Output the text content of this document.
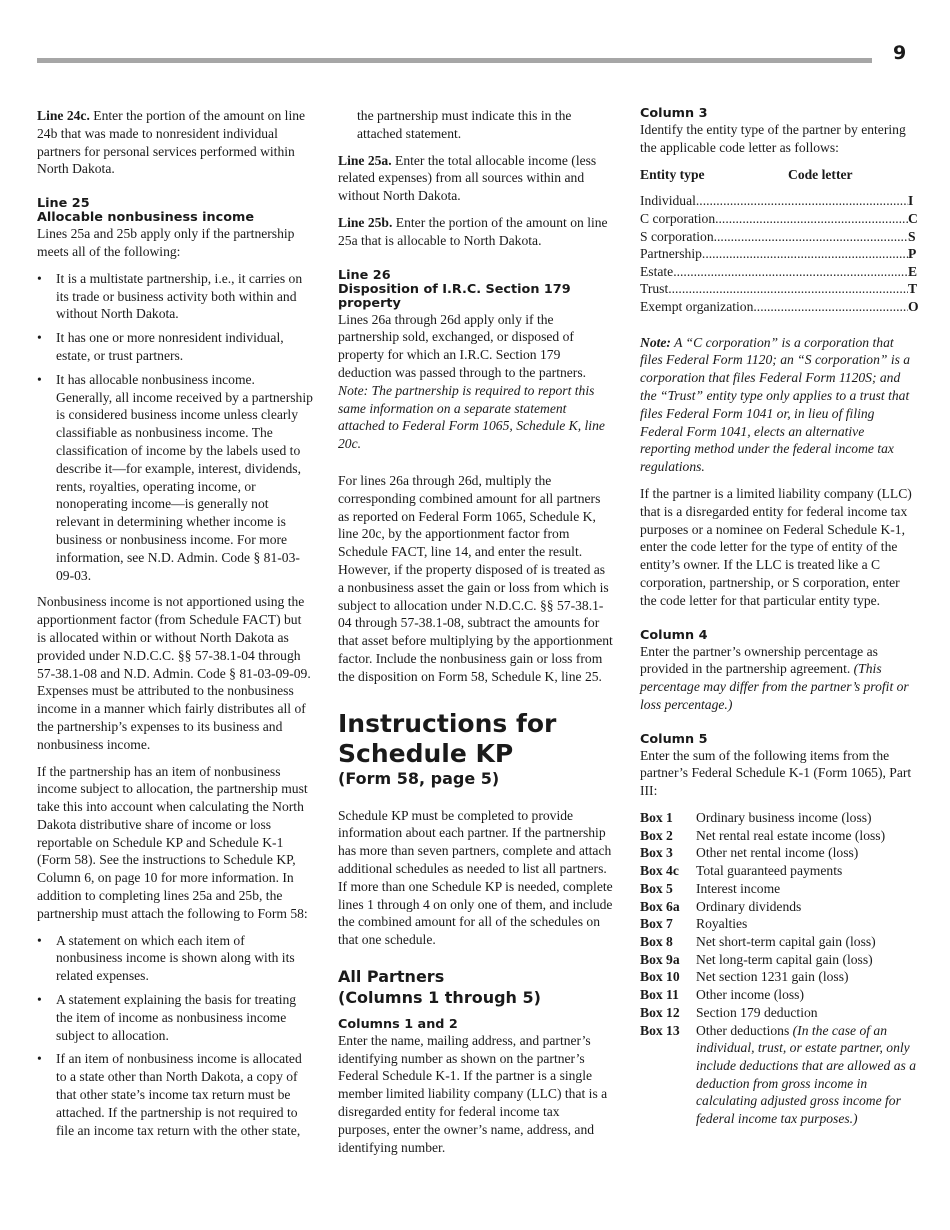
9

Line 24c. Enter the portion of the amount on line 24b that was made to nonresident individual partners for personal services performed within North Dakota.

Line 25
Allocable nonbusiness income

Lines 25a and 25b apply only if the partnership meets all of the following:

• It is a multistate partnership, i.e., it carries on its trade or business activity both within and without North Dakota.
• It has one or more nonresident individual, estate, or trust partners.
• It has allocable nonbusiness income. Generally, all income received by a partnership is considered business income unless clearly classifiable as nonbusiness income. The classification of income by the labels used to describe it—for example, interest, dividends, rents, royalties, operating income, or nonoperating income—is generally not relevant in determining whether income is business or nonbusiness income. For more information, see N.D. Admin. Code § 81-03-09-03.

Nonbusiness income is not apportioned using the apportionment factor (from Schedule FACT) but is allocated within or without North Dakota as provided under N.D.C.C. §§ 57-38.1-04 through 57-38.1-08 and N.D. Admin. Code § 81-03-09-09. Expenses must be attributed to the nonbusiness income in a manner which fairly distributes all of the partnership’s expenses to its business and nonbusiness income.

If the partnership has an item of nonbusiness income subject to allocation, the partnership must take this into account when calculating the North Dakota distributive share of income or loss reportable on Schedule KP and Schedule K-1 (Form 58). See the instructions to Schedule KP, Column 6, on page 10 for more information. In addition to completing lines 25a and 25b, the partnership must attach the following to Form 58:

• A statement on which each item of nonbusiness income is shown along with its related expenses.
• A statement explaining the basis for treating the item of income as nonbusiness income subject to allocation.
• If an item of nonbusiness income is allocated to a state other than North Dakota, a copy of that other state’s income tax return must be attached. If the partnership is not required to file an income tax return with the other state,

the partnership must indicate this in the attached statement.

Line 25a. Enter the total allocable income (less related expenses) from all sources within and without North Dakota.

Line 25b. Enter the portion of the amount on line 25a that is allocable to North Dakota.

Line 26
Disposition of I.R.C. Section 179 property

Lines 26a through 26d apply only if the partnership sold, exchanged, or disposed of property for which an I.R.C. Section 179 deduction was passed through to the partners. Note: The partnership is required to report this same information on a separate statement attached to Federal Form 1065, Schedule K, line 20c.

For lines 26a through 26d, multiply the corresponding combined amount for all partners as reported on Federal Form 1065, Schedule K, line 20c, by the apportionment factor from Schedule FACT, line 14, and enter the result. However, if the property disposed of is treated as a nonbusiness asset the gain or loss from which is subject to allocation under N.D.C.C. §§ 57-38.1-04 through 57-38.1-08, subtract the amounts for that asset before multiplying by the apportionment factor. Include the nonbusiness gain or loss from the disposition on Form 58, Schedule K, line 25.

Instructions for Schedule KP
(Form 58, page 5)

Schedule KP must be completed to provide information about each partner. If the partnership has more than seven partners, complete and attach additional schedules as needed to list all partners. If more than one Schedule KP is needed, complete lines 1 through 4 on only one of them, and include the combined amount for all of the schedules on that one schedule.

All Partners
(Columns 1 through 5)
Columns 1 and 2

Enter the name, mailing address, and partner’s identifying number as shown on the partner’s Federal Schedule K-1. If the partner is a single member limited liability company (LLC) that is a disregarded entity for federal income tax purposes, enter the owner’s name, address, and identifying number.

Column 3

Identify the entity type of the partner by entering the applicable code letter as follows:

Entity type	Code letter
Individual .....	I
C corporation .....	C
S corporation .....	S
Partnership .....	P
Estate .....	E
Trust .....	T
Exempt organization .....	O

Note: A “C corporation” is a corporation that files Federal Form 1120; an “S corporation” is a corporation that files Federal Form 1120S; and the “Trust” entity type only applies to a trust that files Federal Form 1041 or, in lieu of filing Federal Form 1041, elects an alternative reporting method under the federal income tax regulations.

If the partner is a limited liability company (LLC) that is a disregarded entity for federal income tax purposes or a nominee on Federal Schedule K-1, enter the code letter for the type of entity of the entity’s owner. If the LLC is treated like a C corporation, partnership, or S corporation, enter the code letter for that particular entity type.

Column 4

Enter the partner’s ownership percentage as provided in the partnership agreement. (This percentage may differ from the partner’s profit or loss percentage.)

Column 5

Enter the sum of the following items from the partner’s Federal Schedule K-1 (Form 1065), Part III:

Box 1	Ordinary business income (loss)
Box 2	Net rental real estate income (loss)
Box 3	Other net rental income (loss)
Box 4c	Total guaranteed payments
Box 5	Interest income
Box 6a	Ordinary dividends
Box 7	Royalties
Box 8	Net short-term capital gain (loss)
Box 9a	Net long-term capital gain (loss)
Box 10	Net section 1231 gain (loss)
Box 11	Other income (loss)
Box 12	Section 179 deduction
Box 13	Other deductions (In the case of an individual, trust, or estate partner, only include deductions that are allowed as a deduction from gross income in calculating adjusted gross income for federal income tax purposes.)
